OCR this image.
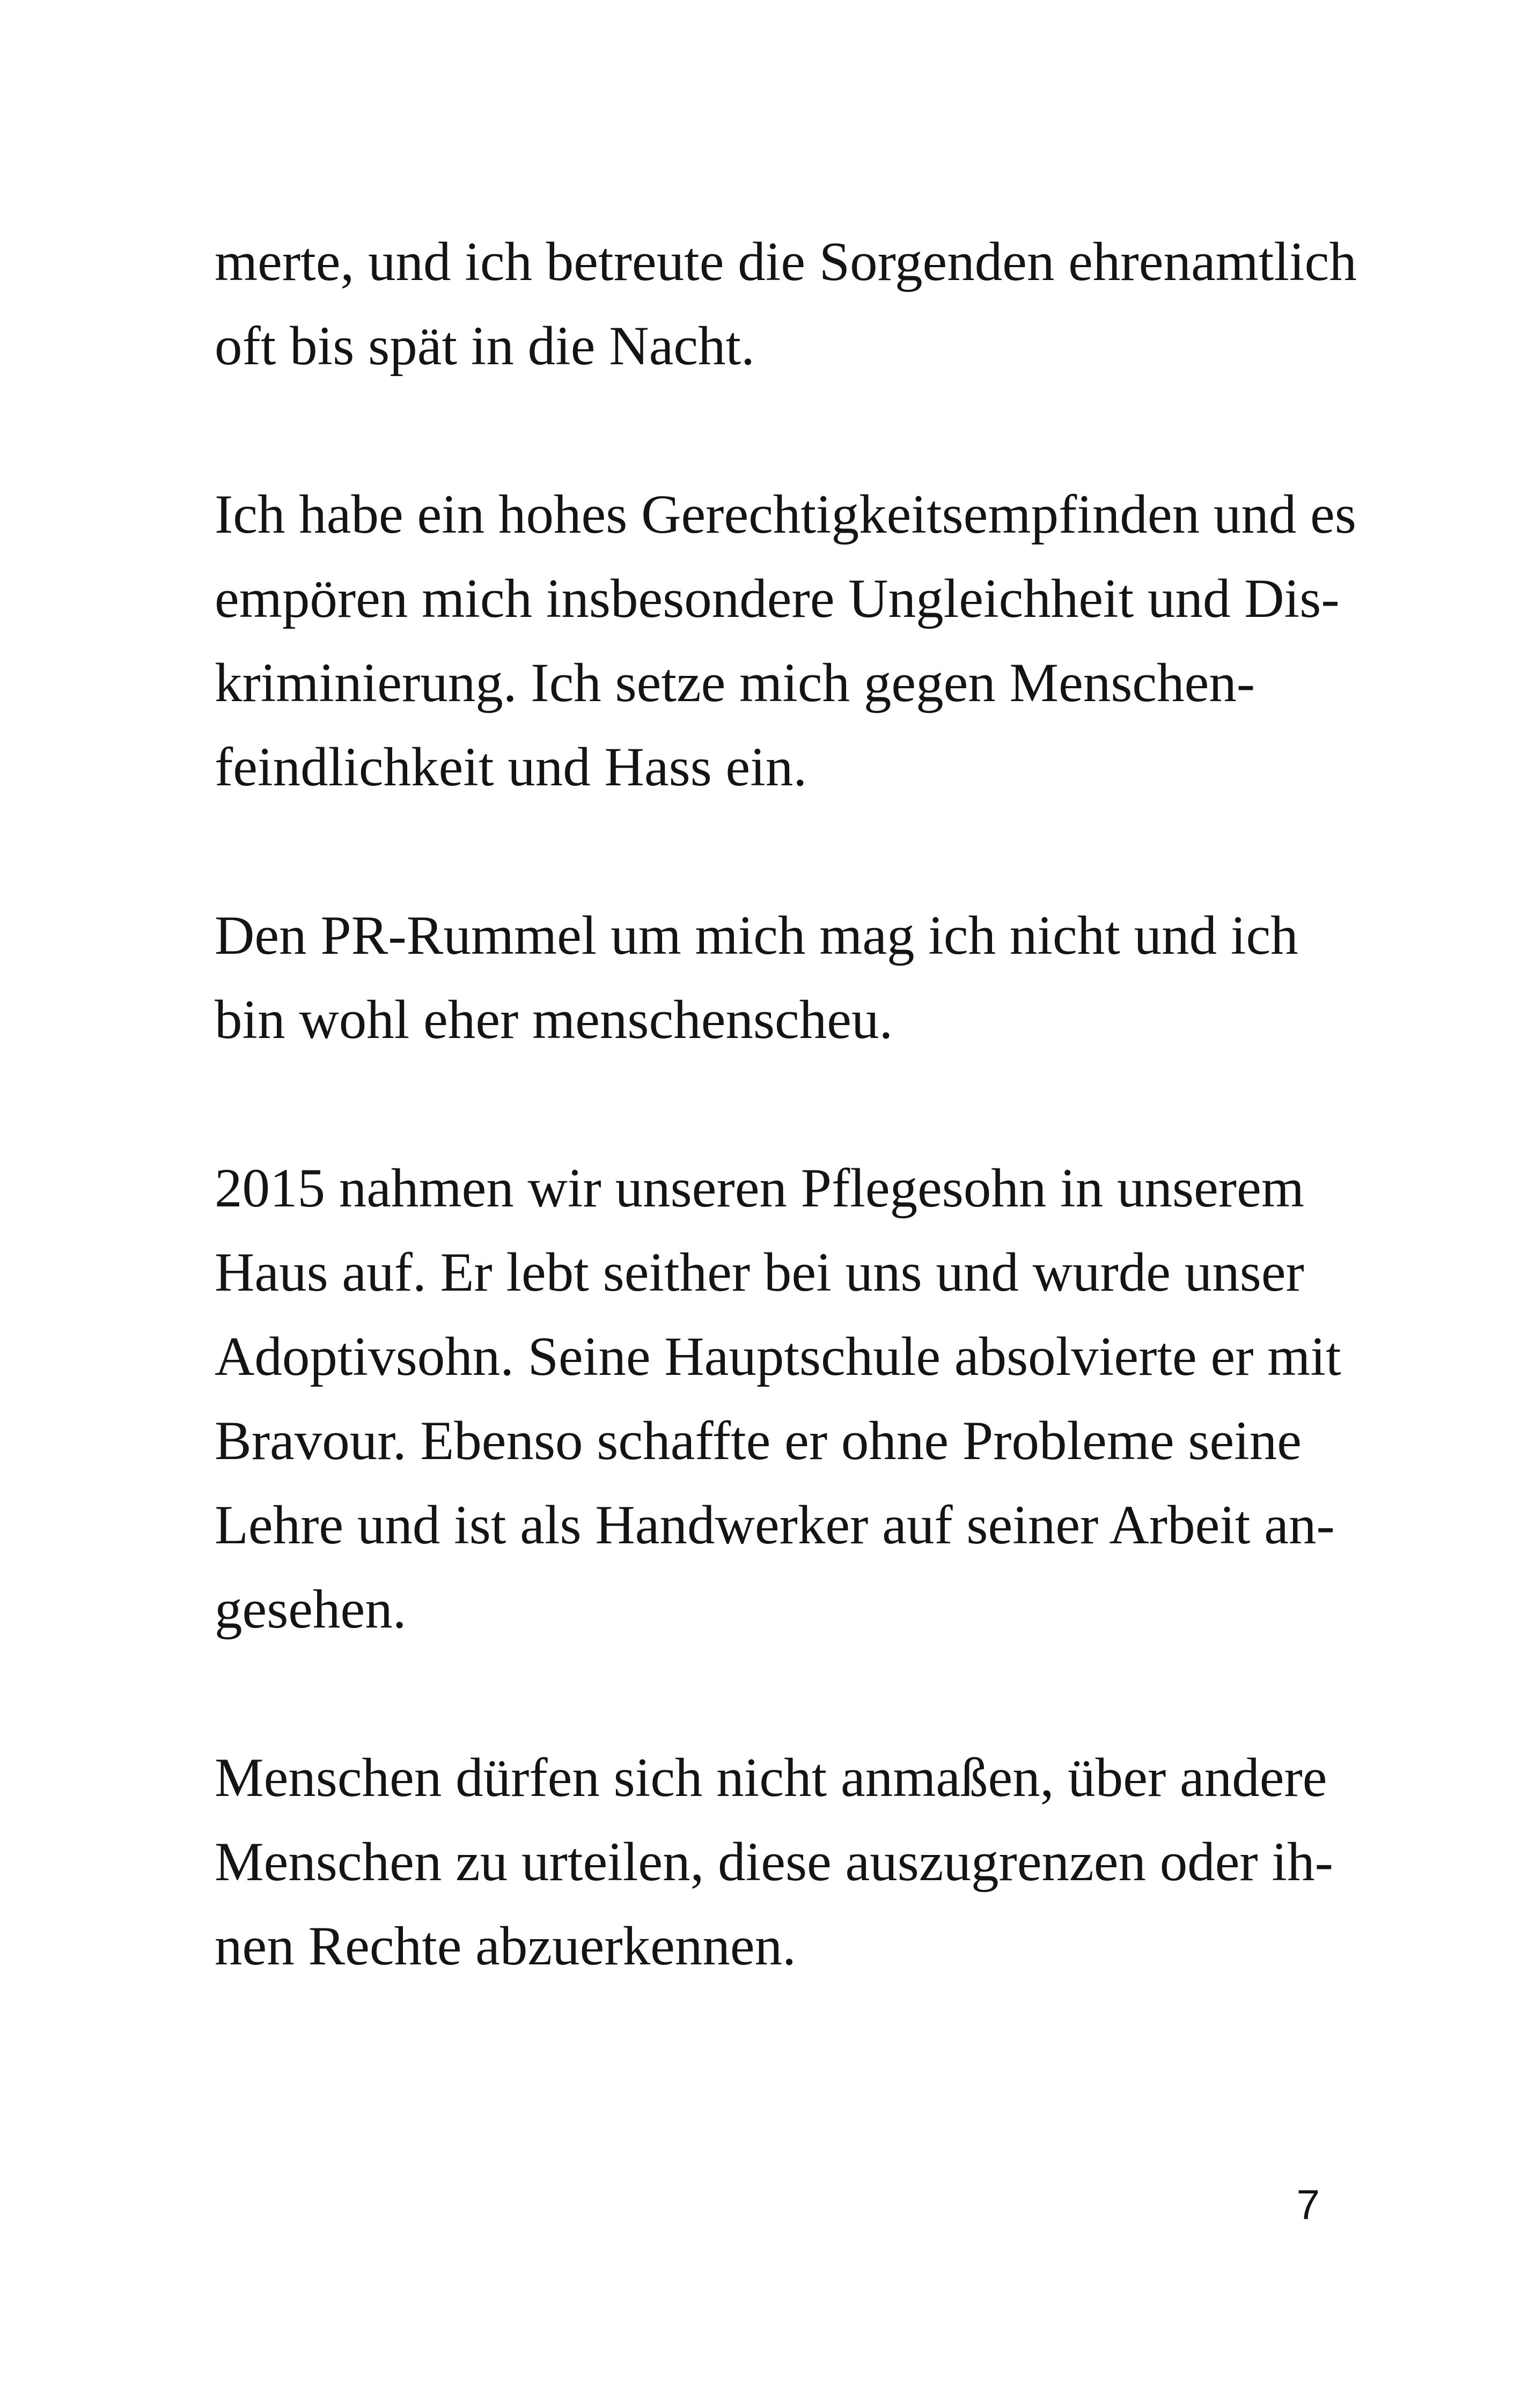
merte, und ich betreute die Sorgenden ehrenamtlich
oft bis spät in die Nacht.

Ich habe ein hohes Gerechtigkeitsempfinden und es
empören mich insbesondere Ungleichheit und Dis-
kriminierung. Ich setze mich gegen Menschen-
feindlichkeit und Hass ein.

Den PR-Rummel um mich mag ich nicht und ich
bin wohl eher menschenscheu.

2015 nahmen wir unseren Pflegesohn in unserem
Haus auf. Er lebt seither bei uns und wurde unser
Adoptivsohn. Seine Hauptschule absolvierte er mit
Bravour. Ebenso schaffte er ohne Probleme seine
Lehre und ist als Handwerker auf seiner Arbeit an-
gesehen.

Menschen dürfen sich nicht anmaßen, über andere
Menschen zu urteilen, diese auszugrenzen oder ih-
nen Rechte abzuerkennen.

7
